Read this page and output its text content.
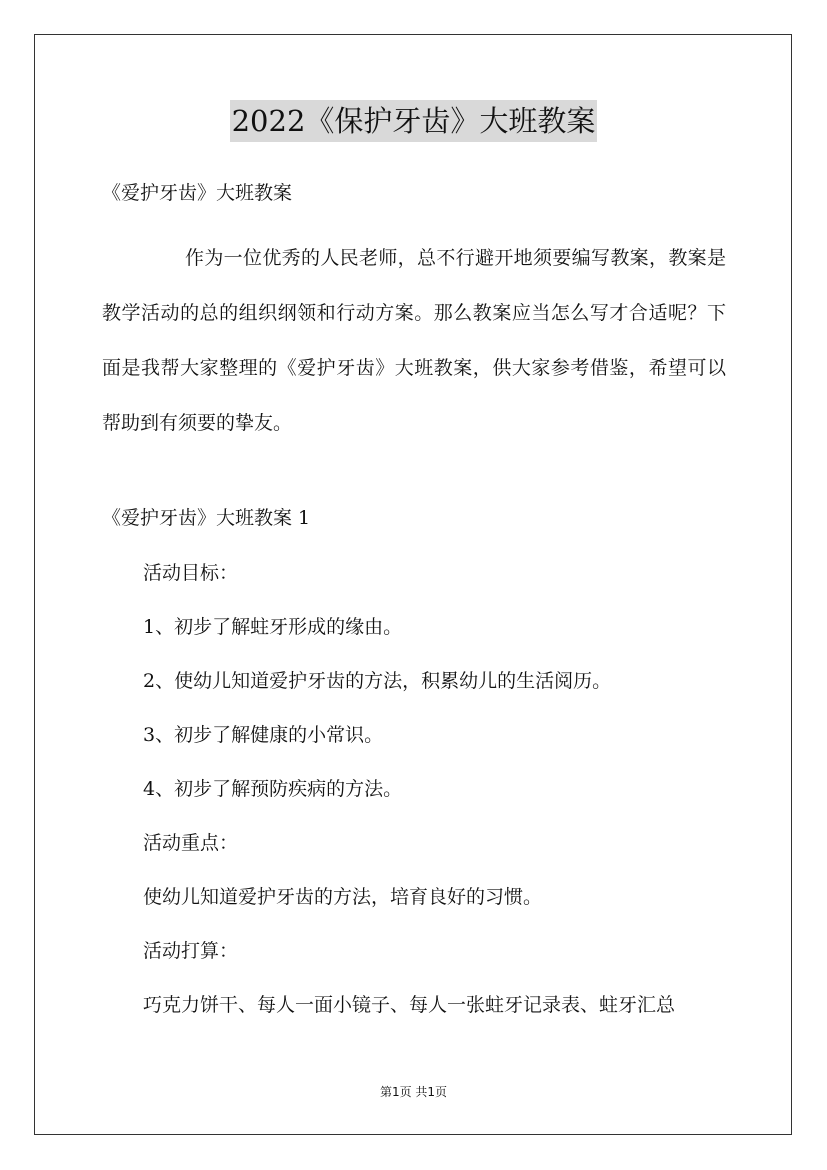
2022《保护牙齿》大班教案
《爱护牙齿》大班教案
作为一位优秀的人民老师，总不行避开地须要编写教案，教案是教学活动的总的组织纲领和行动方案。那么教案应当怎么写才合适呢？下面是我帮大家整理的《爱护牙齿》大班教案，供大家参考借鉴，希望可以帮助到有须要的挚友。
《爱护牙齿》大班教案 1
活动目标：
1、初步了解蛀牙形成的缘由。
2、使幼儿知道爱护牙齿的方法，积累幼儿的生活阅历。
3、初步了解健康的小常识。
4、初步了解预防疾病的方法。
活动重点：
使幼儿知道爱护牙齿的方法，培育良好的习惯。
活动打算：
巧克力饼干、每人一面小镜子、每人一张蛀牙记录表、蛀牙汇总
第1页 共1页
